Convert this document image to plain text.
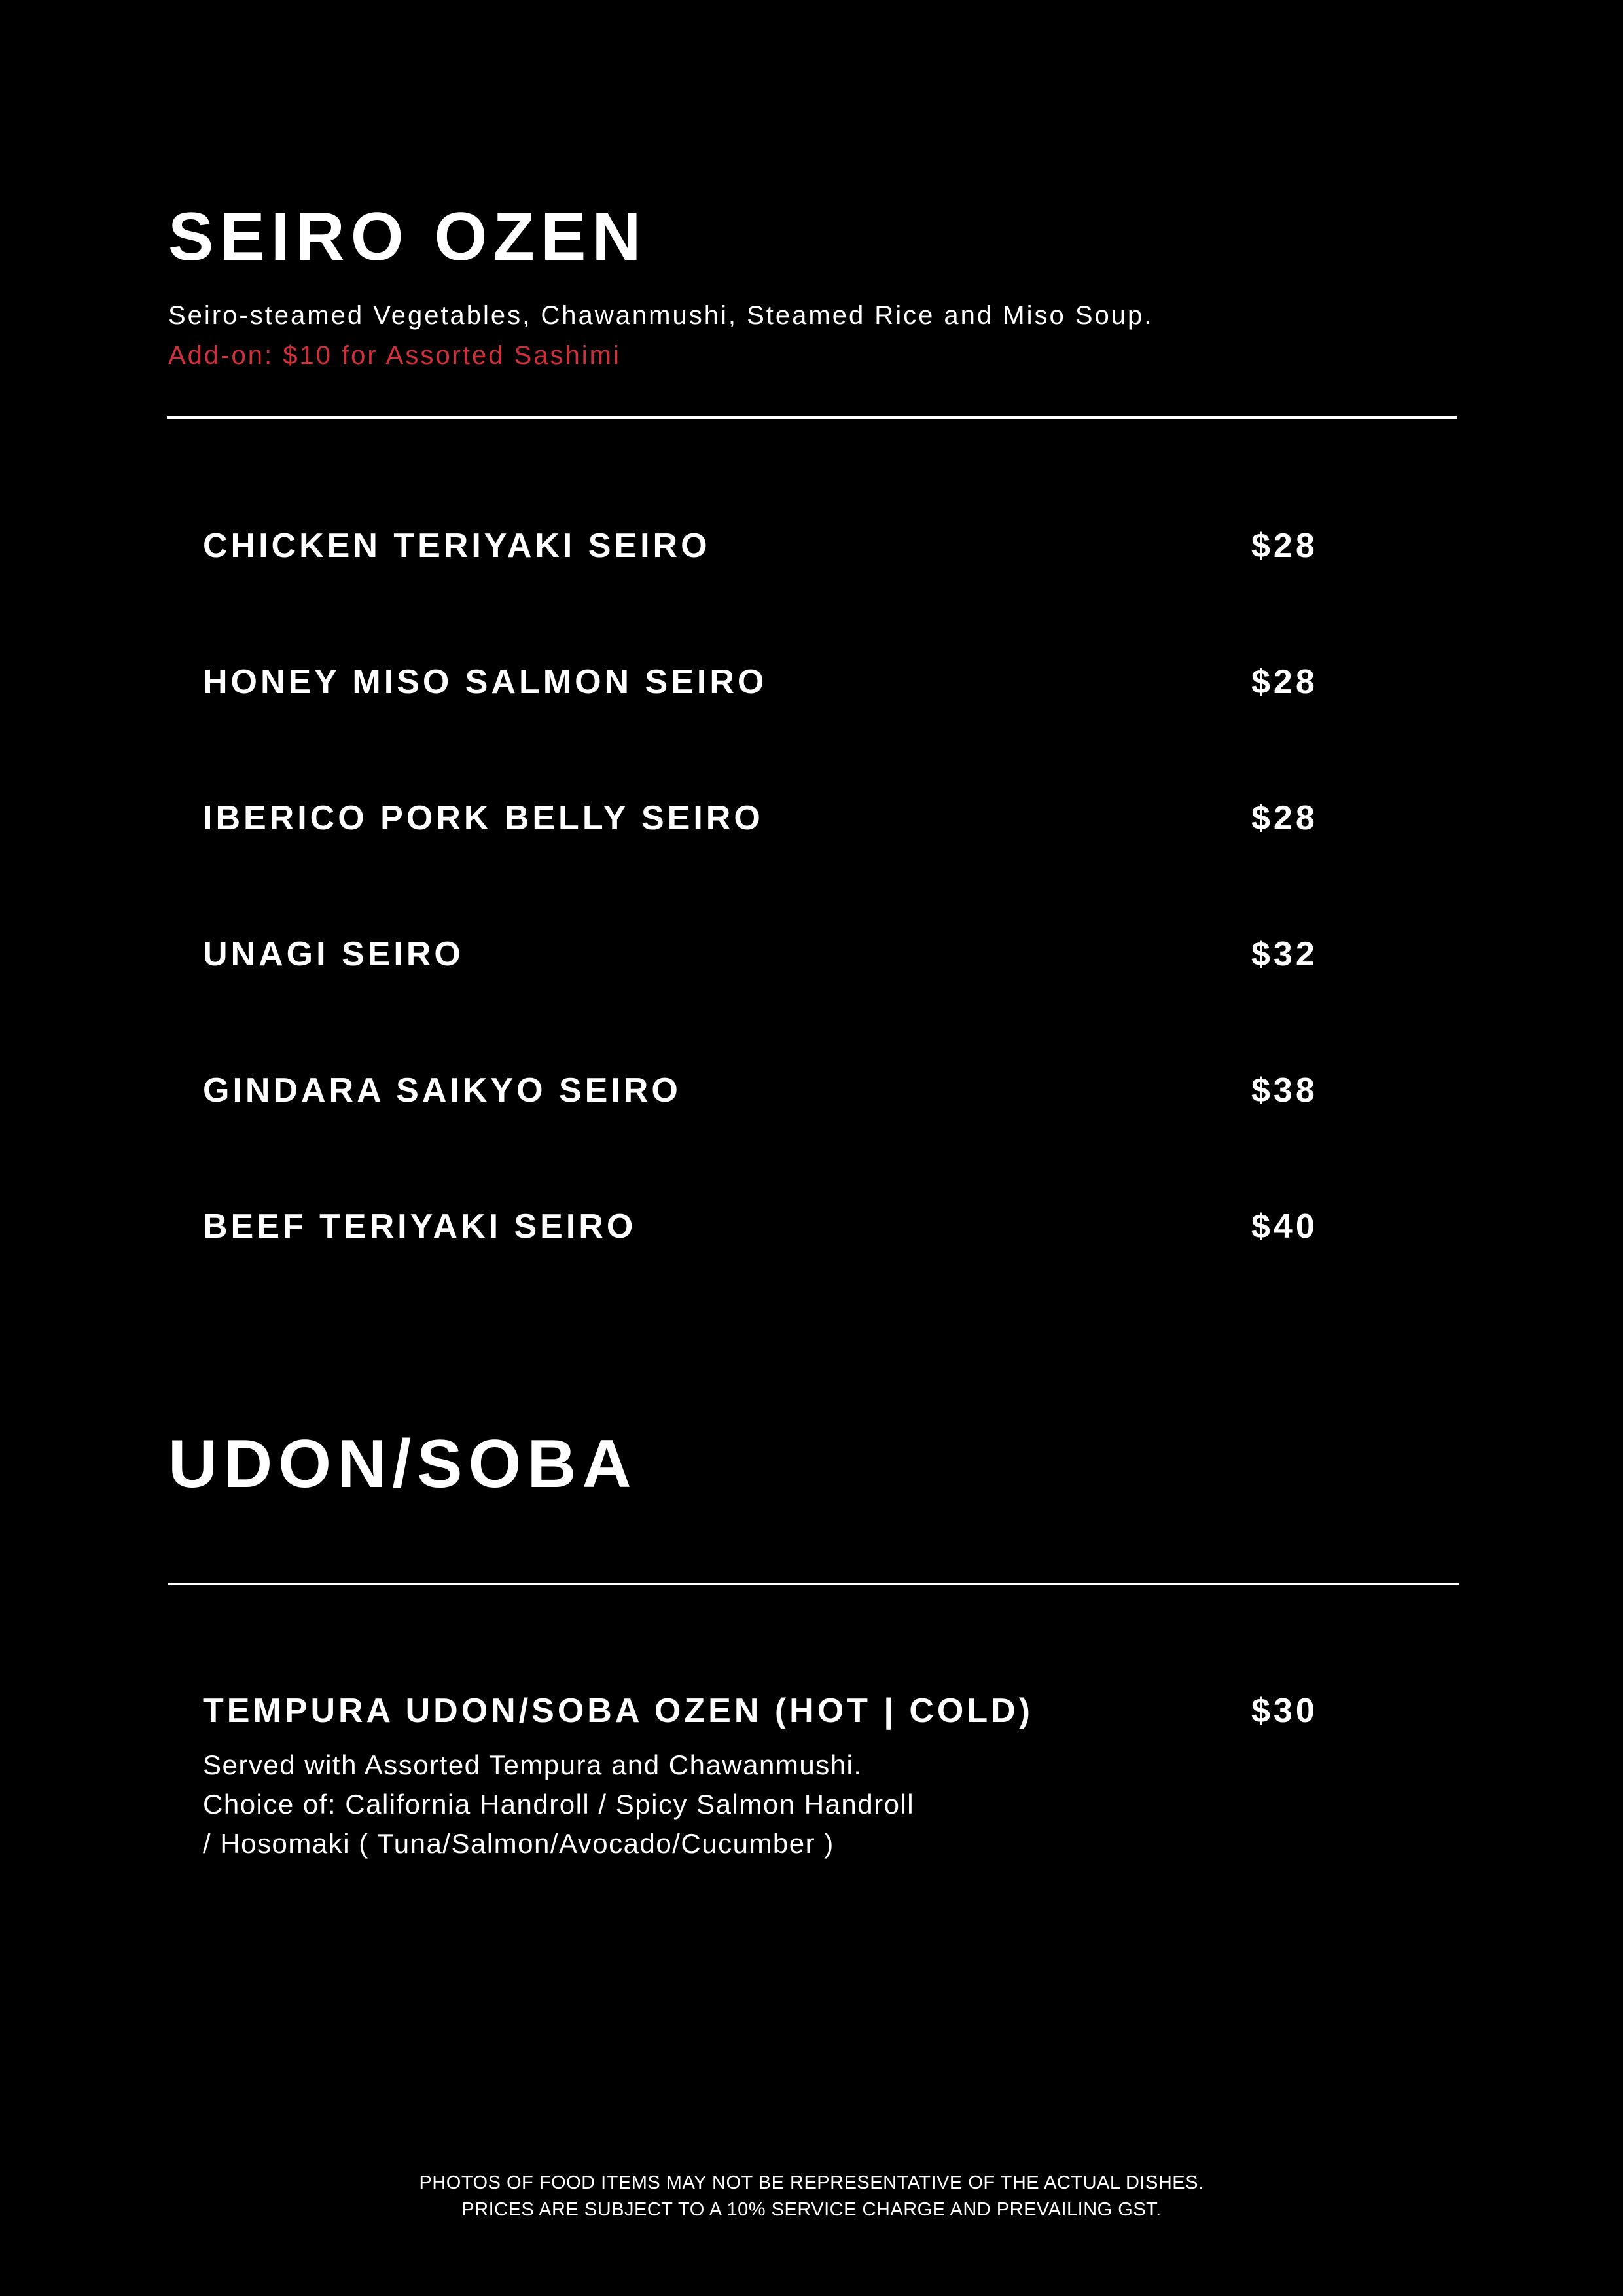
SEIRO OZEN
Seiro-steamed Vegetables, Chawanmushi, Steamed Rice and Miso Soup.
Add-on: $10 for Assorted Sashimi
CHICKEN TERIYAKI SEIRO	$28
HONEY MISO SALMON SEIRO	$28
IBERICO PORK BELLY SEIRO	$28
UNAGI SEIRO	$32
GINDARA SAIKYO SEIRO	$38
BEEF TERIYAKI SEIRO	$40
UDON/SOBA
TEMPURA UDON/SOBA OZEN (HOT | COLD)	$30
Served with Assorted Tempura and Chawanmushi.
Choice of: California Handroll / Spicy Salmon Handroll
/ Hosomaki ( Tuna/Salmon/Avocado/Cucumber )
PHOTOS OF FOOD ITEMS MAY NOT BE REPRESENTATIVE OF THE ACTUAL DISHES.
PRICES ARE SUBJECT TO A 10% SERVICE CHARGE AND PREVAILING GST.
